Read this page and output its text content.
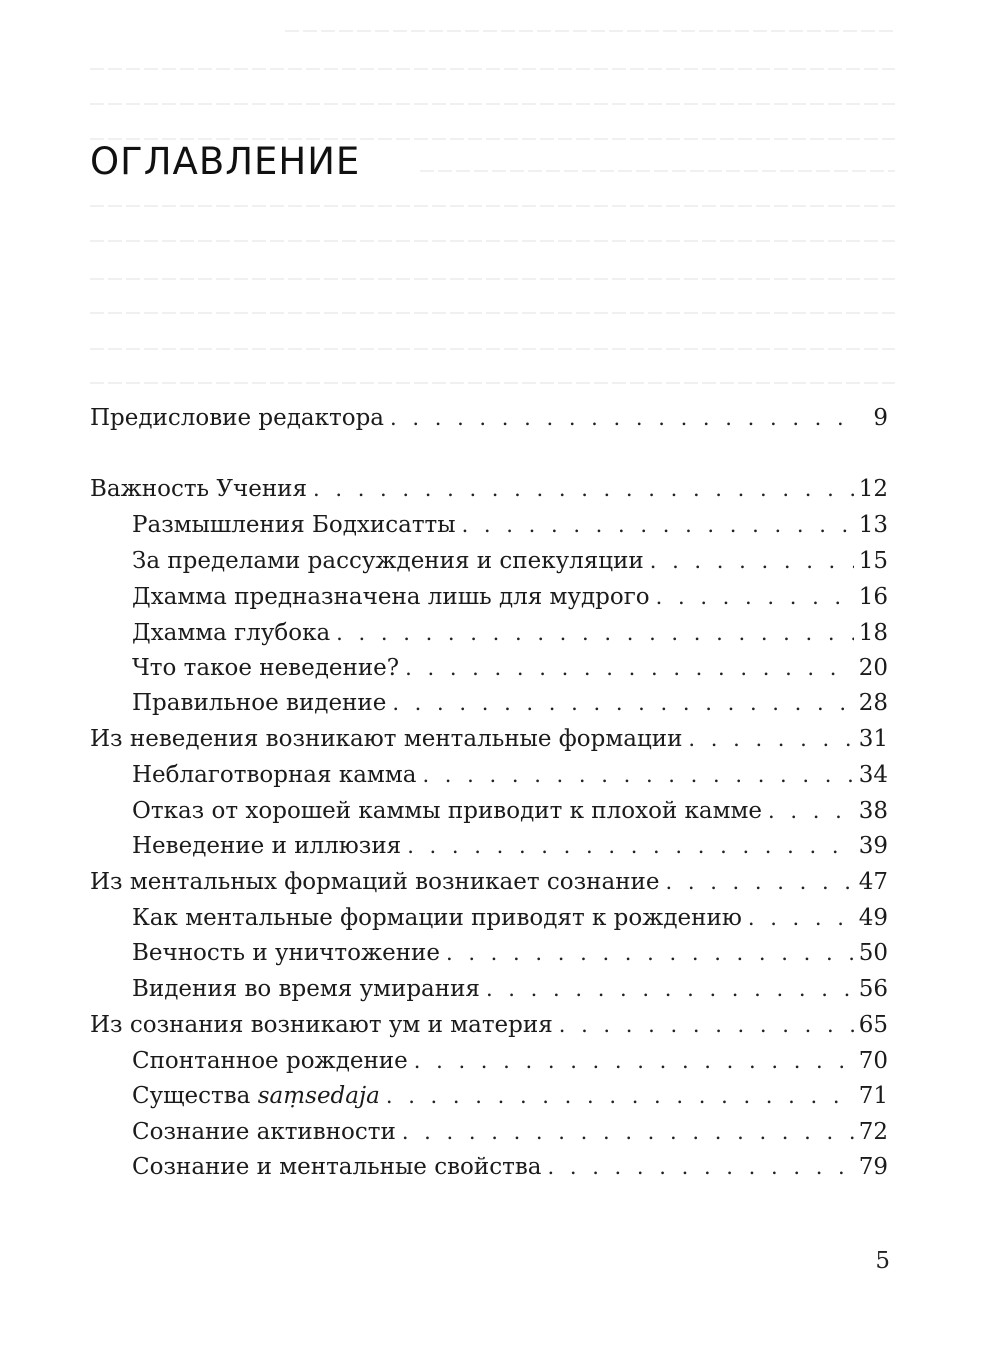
ОГЛАВЛЕНИЕ
Предисловие редактора . . .	9
Важность Учения . . .	12
Размышления Бодхисатты . . .	13
За пределами рассуждения и спекуляции . . .	15
Дхамма предназначена лишь для мудрого . . .	16
Дхамма глубока . . .	18
Что такое неведение? . . .	20
Правильное видение . . .	28
Из неведения возникают ментальные формации . . .	31
Неблаготворная камма . . .	34
Отказ от хорошей каммы приводит к плохой камме . . .	38
Неведение и иллюзия . . .	39
Из ментальных формаций возникает сознание . . .	47
Как ментальные формации приводят к рождению . . .	49
Вечность и уничтожение . . .	50
Видения во время умирания . . .	56
Из сознания возникают ум и материя . . .	65
Спонтанное рождение . . .	70
Существа saṃsedaja . . .	71
Сознание активности . . .	72
Сознание и ментальные свойства . . .	79
5
